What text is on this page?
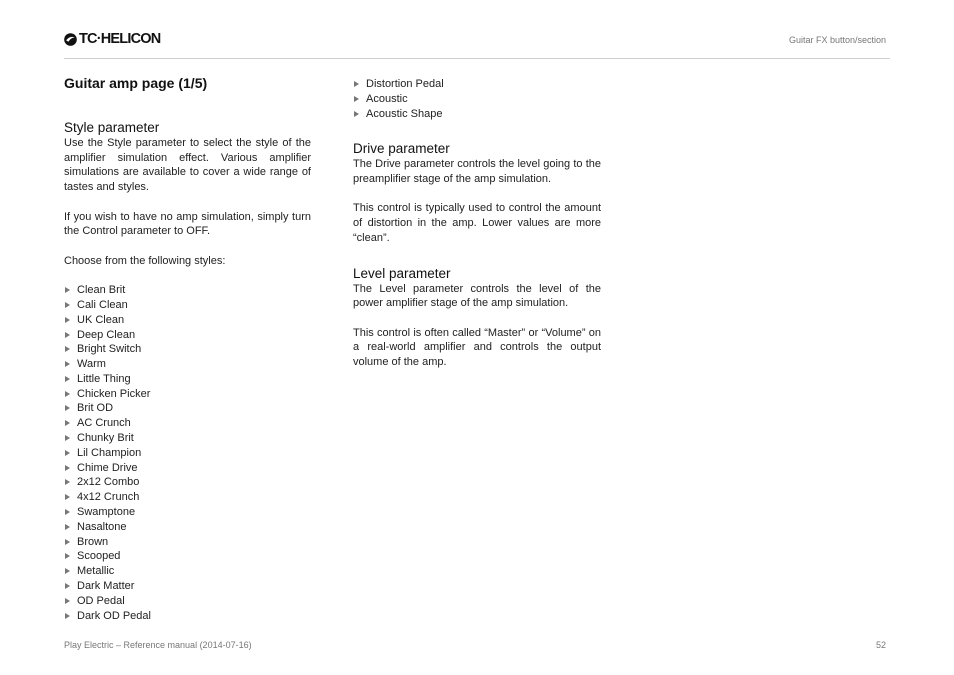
TC·HELICON	Guitar FX button/section
Guitar amp page (1/5)
Style parameter

Use the Style parameter to select the style of the amplifier simulation effect. Various amplifier simulations are available to cover a wide range of tastes and styles.

If you wish to have no amp simulation, simply turn the Control parameter to OFF.

Choose from the following styles:

Clean Brit
Cali Clean
UK Clean
Deep Clean
Bright Switch
Warm
Little Thing
Chicken Picker
Brit OD
AC Crunch
Chunky Brit
Lil Champion
Chime Drive
2x12 Combo
4x12 Crunch
Swamptone
Nasaltone
Brown
Scooped
Metallic
Dark Matter
OD Pedal
Dark OD Pedal
Distortion Pedal
Acoustic
Acoustic Shape
Drive parameter

The Drive parameter controls the level going to the preamplifier stage of the amp simulation.

This control is typically used to control the amount of distortion in the amp. Lower values are more “clean”.

Level parameter

The Level parameter controls the level of the power amplifier stage of the amp simulation.

This control is often called “Master” or “Volume” on a real-world amplifier and controls the output volume of the amp.

Play Electric – Reference manual (2014-07-16)	52
